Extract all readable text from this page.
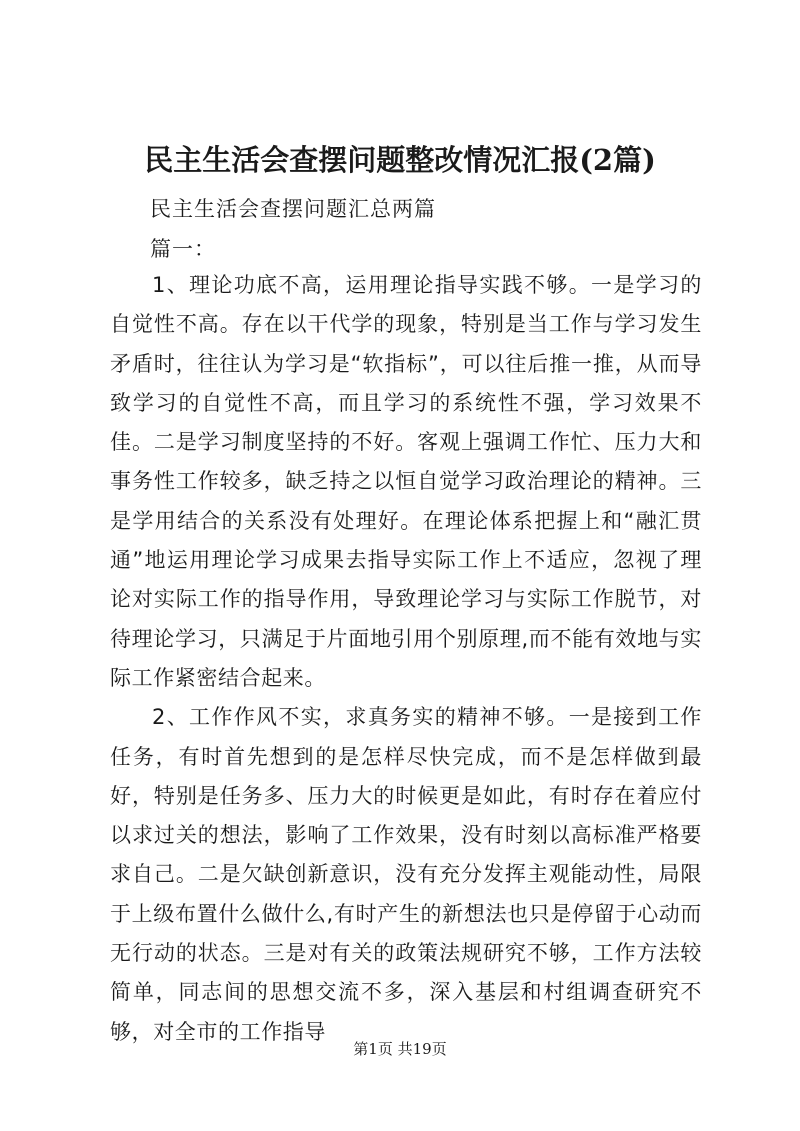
民主生活会查摆问题整改情况汇报(2篇)
民主生活会查摆问题汇总两篇
篇一：

1、理论功底不高，运用理论指导实践不够。一是学习的自觉性不高。存在以干代学的现象，特别是当工作与学习发生矛盾时，往往认为学习是“软指标”，可以往后推一推，从而导致学习的自觉性不高，而且学习的系统性不强，学习效果不佳。二是学习制度坚持的不好。客观上强调工作忙、压力大和事务性工作较多，缺乏持之以恒自觉学习政治理论的精神。三是学用结合的关系没有处理好。在理论体系把握上和“融汇贯通”地运用理论学习成果去指导实际工作上不适应，忽视了理论对实际工作的指导作用，导致理论学习与实际工作脱节，对待理论学习，只满足于片面地引用个别原理,而不能有效地与实际工作紧密结合起来。

2、工作作风不实，求真务实的精神不够。一是接到工作任务，有时首先想到的是怎样尽快完成，而不是怎样做到最好，特别是任务多、压力大的时候更是如此，有时存在着应付以求过关的想法，影响了工作效果，没有时刻以高标准严格要求自己。二是欠缺创新意识，没有充分发挥主观能动性，局限于上级布置什么做什么,有时产生的新想法也只是停留于心动而无行动的状态。三是对有关的政策法规研究不够，工作方法较简单，同志间的思想交流不多，深入基层和村组调查研究不够，对全市的工作指导

第1页 共19页
